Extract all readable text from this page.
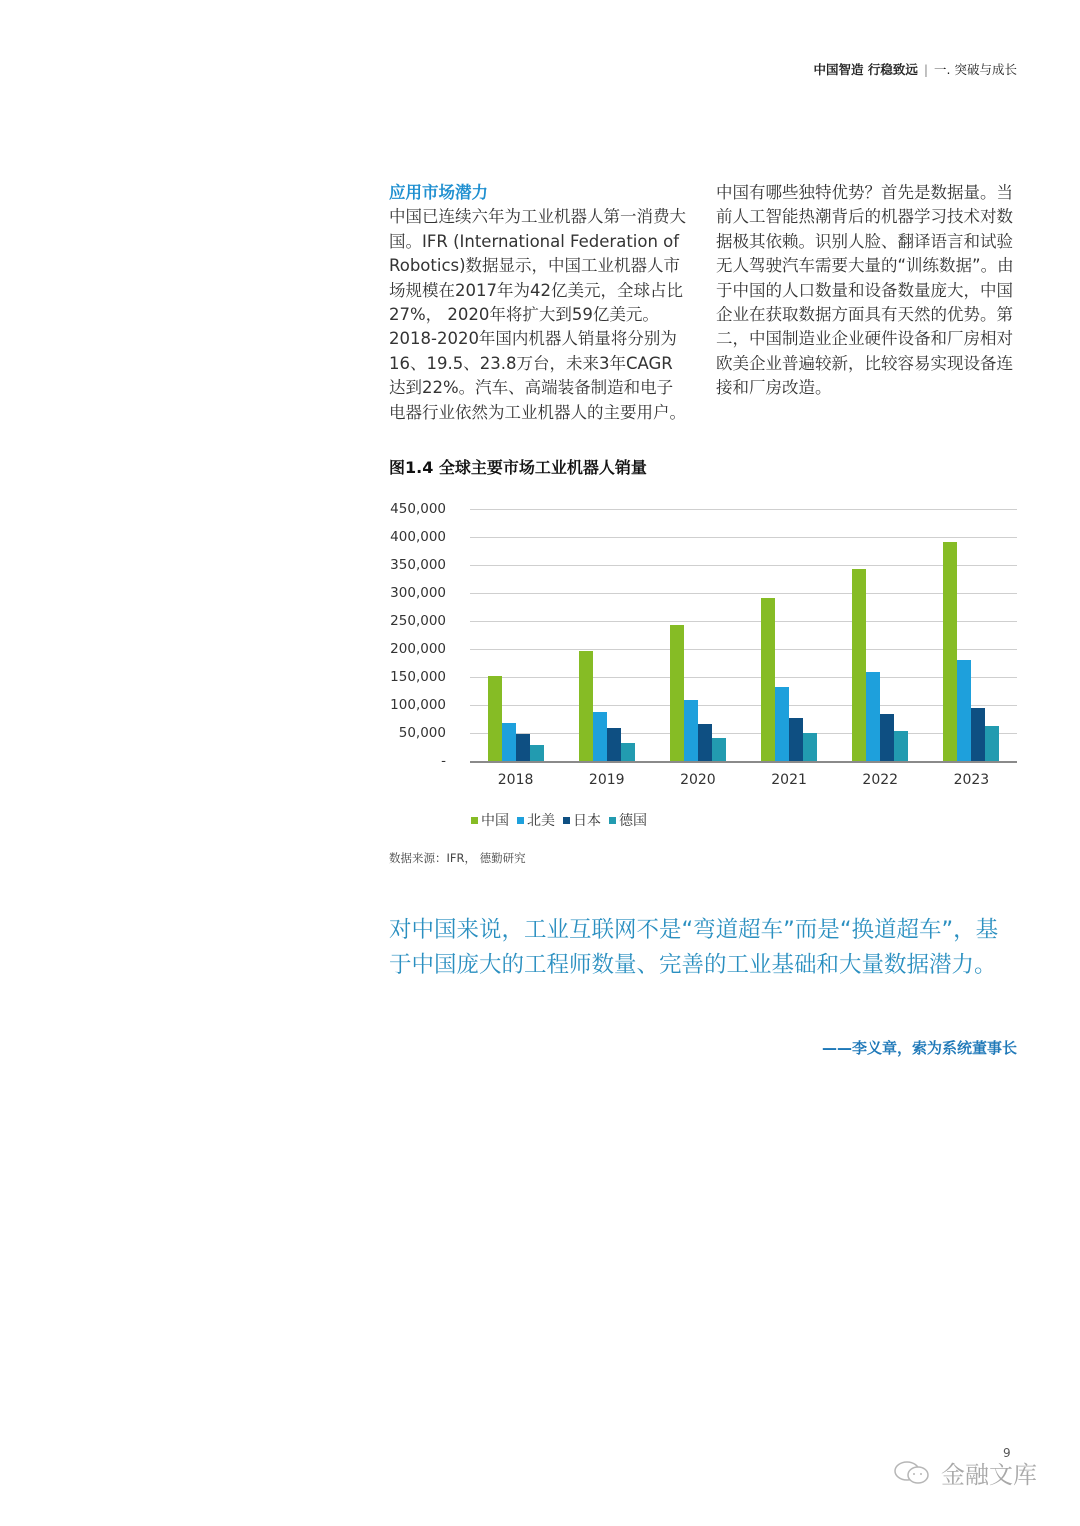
中国智造 行稳致远 | 一. 突破与成长
应用市场潜力
中国已连续六年为工业机器人第一消费大国。IFR (International Federation of Robotics)数据显示，中国工业机器人市场规模在2017年为42亿美元，全球占比27%， 2020年将扩大到59亿美元。2018-2020年国内机器人销量将分别为16、19.5、23.8万台，未来3年CAGR达到22%。汽车、高端装备制造和电子电器行业依然为工业机器人的主要用户。
中国有哪些独特优势？首先是数据量。当前人工智能热潮背后的机器学习技术对数据极其依赖。识别人脸、翻译语言和试验无人驾驶汽车需要大量的“训练数据”。由于中国的人口数量和设备数量庞大，中国企业在获取数据方面具有天然的优势。第二，中国制造业企业硬件设备和厂房相对欧美企业普遍较新，比较容易实现设备连接和厂房改造。
图1.4 全球主要市场工业机器人销量
450,000
400,000
350,000
300,000
250,000
200,000
150,000
100,000
50,000
-
2018	2019	2020	2021	2022	2023
中国 北美 日本 德国
数据来源：IFR， 德勤研究
对中国来说，工业互联网不是“弯道超车”而是“换道超车”，基于中国庞大的工程师数量、完善的工业基础和大量数据潜力。
——李义章，索为系统董事长
金融文库
9
